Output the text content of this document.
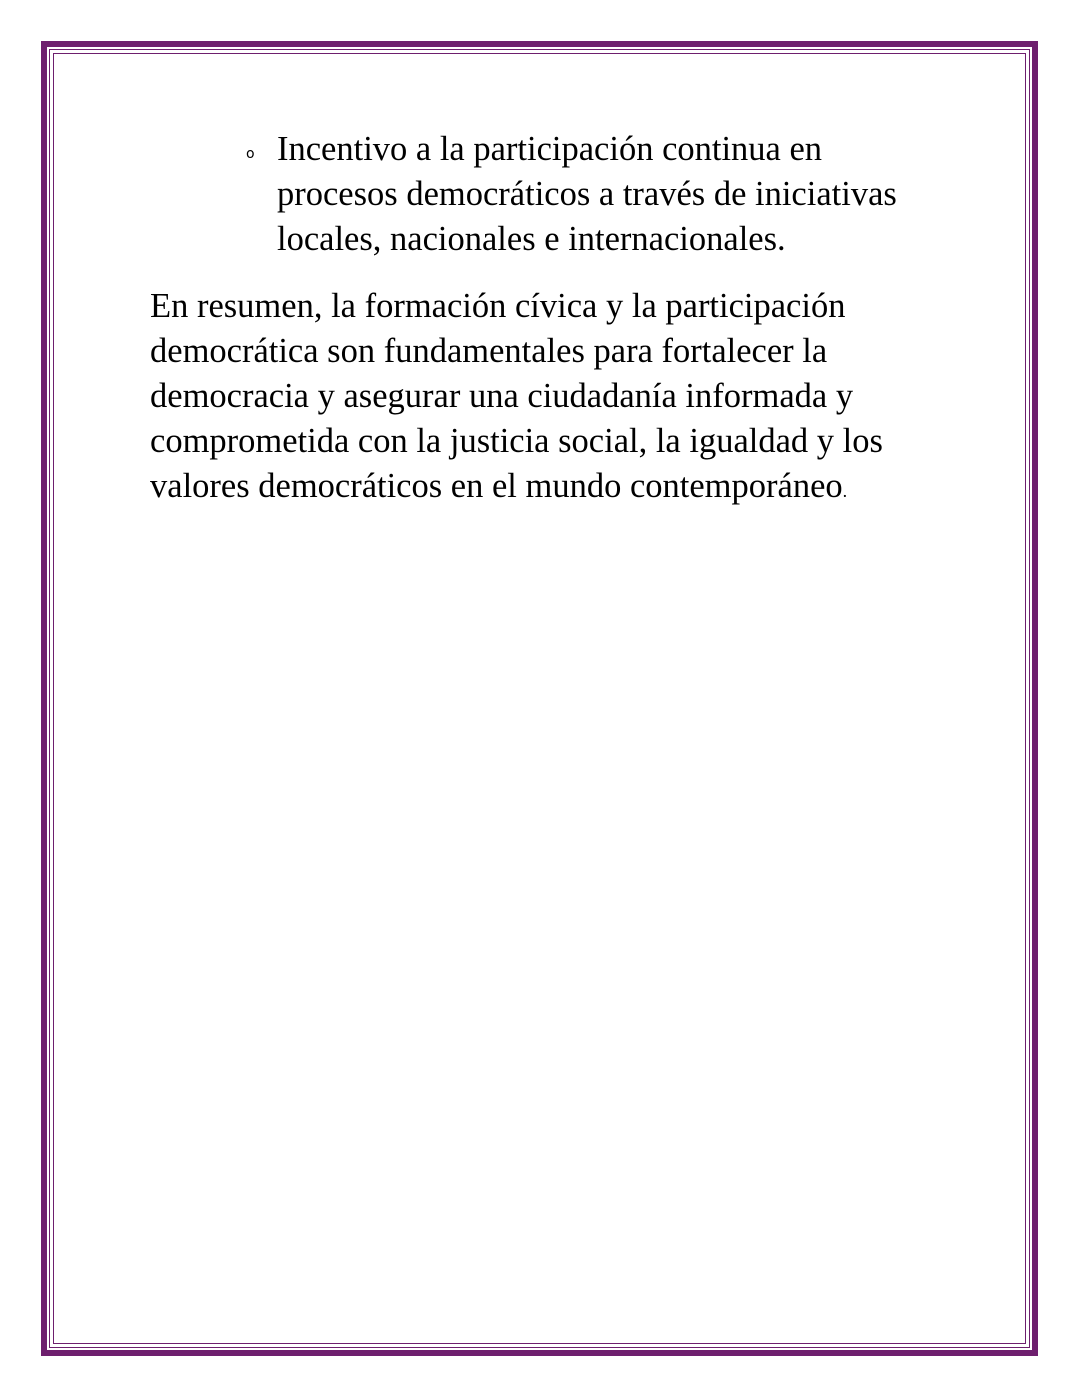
o Incentivo a la participación continua en procesos democráticos a través de iniciativas locales, nacionales e internacionales.

En resumen, la formación cívica y la participación democrática son fundamentales para fortalecer la democracia y asegurar una ciudadanía informada y comprometida con la justicia social, la igualdad y los valores democráticos en el mundo contemporáneo.
